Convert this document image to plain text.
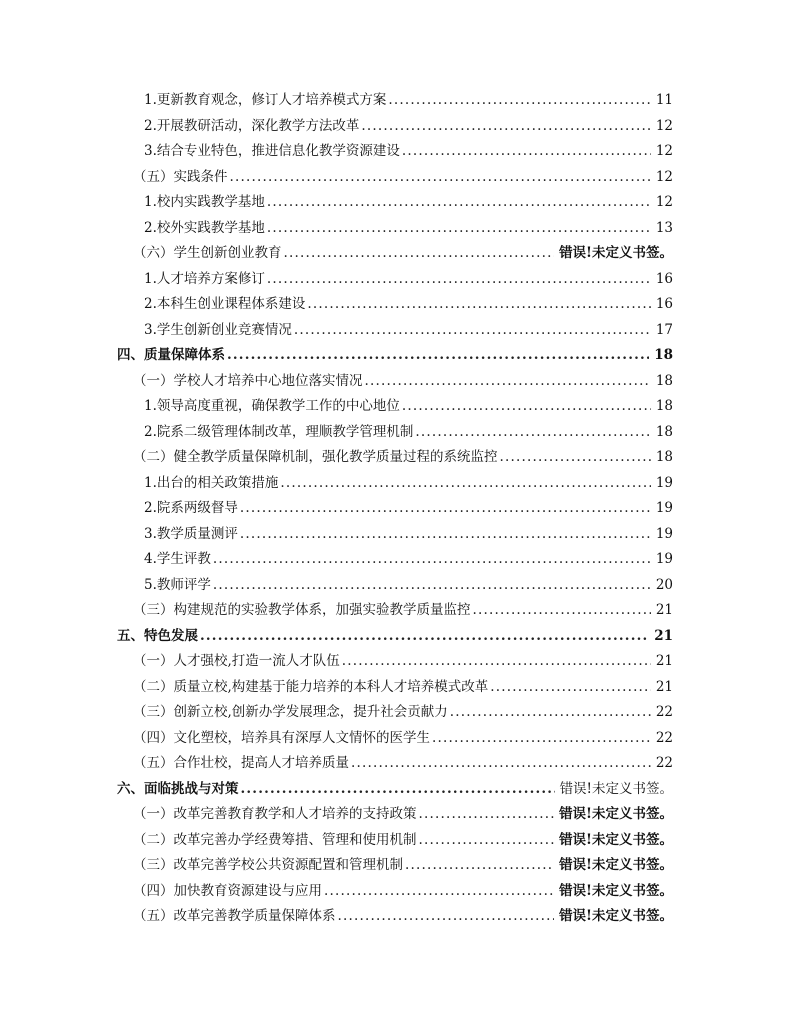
1.更新教育观念，修订人才培养模式方案 .....	11
2.开展教研活动，深化教学方法改革 .....	12
3.结合专业特色，推进信息化教学资源建设 .....	12
（五）实践条件 .....	12
1.校内实践教学基地 .....	12
2.校外实践教学基地 .....	13
（六）学生创新创业教育 .....	错误!未定义书签。
1.人才培养方案修订 .....	16
2.本科生创业课程体系建设 .....	16
3.学生创新创业竞赛情况 .....	17
四、质量保障体系 .....	18
（一）学校人才培养中心地位落实情况 .....	18
1.领导高度重视，确保教学工作的中心地位 .....	18
2.院系二级管理体制改革，理顺教学管理机制 .....	18
（二）健全教学质量保障机制，强化教学质量过程的系统监控 .....	18
1.出台的相关政策措施 .....	19
2.院系两级督导 .....	19
3.教学质量测评 .....	19
4.学生评教 .....	19
5.教师评学 .....	20
（三）构建规范的实验教学体系，加强实验教学质量监控 .....	21
五、特色发展 .....	21
（一）人才强校,打造一流人才队伍 .....	21
（二）质量立校,构建基于能力培养的本科人才培养模式改革 .....	21
（三）创新立校,创新办学发展理念，提升社会贡献力 .....	22
（四）文化塑校，培养具有深厚人文情怀的医学生 .....	22
（五）合作壮校，提高人才培养质量 .....	22
六、面临挑战与对策 .....	错误!未定义书签。
（一）改革完善教育教学和人才培养的支持政策 .....	错误!未定义书签。
（二）改革完善办学经费筹措、管理和使用机制 .....	错误!未定义书签。
（三）改革完善学校公共资源配置和管理机制 .....	错误!未定义书签。
（四）加快教育资源建设与应用 .....	错误!未定义书签。
（五）改革完善教学质量保障体系 .....	错误!未定义书签。
